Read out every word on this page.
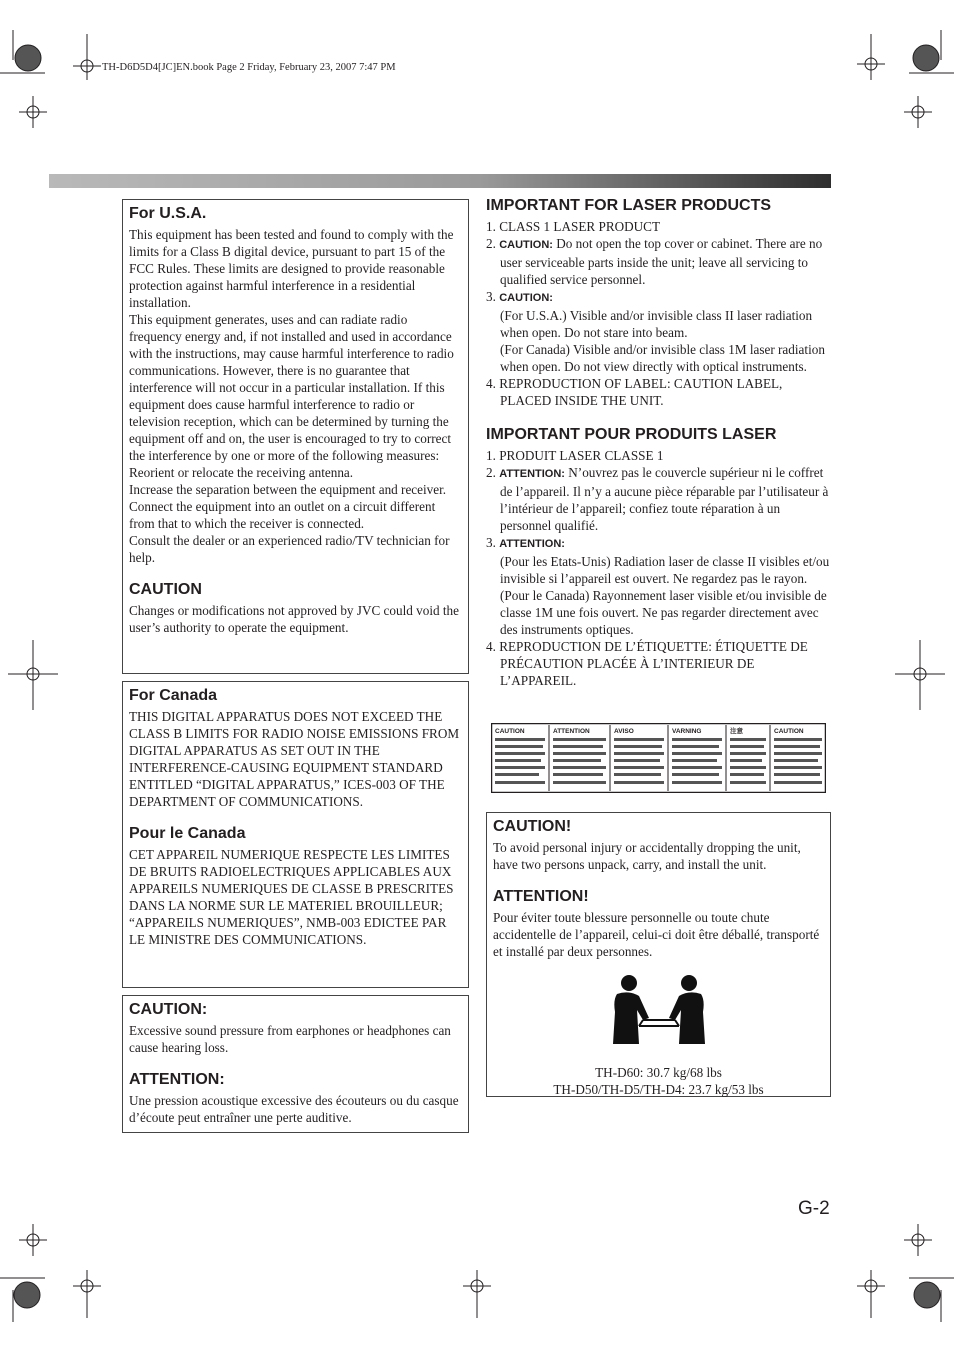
TH-D6D5D4[JC]EN.book Page 2 Friday, February 23, 2007 7:47 PM
For U.S.A.

This equipment has been tested and found to comply with the limits for a Class B digital device, pursuant to part 15 of the FCC Rules. These limits are designed to provide reasonable protection against harmful interference in a residential installation.

This equipment generates, uses and can radiate radio frequency energy and, if not installed and used in accordance with the instructions, may cause harmful interference to radio communications. However, there is no guarantee that interference will not occur in a particular installation. If this equipment does cause harmful interference to radio or television reception, which can be determined by turning the equipment off and on, the user is encouraged to try to correct the interference by one or more of the following measures:

Reorient or relocate the receiving antenna.

Increase the separation between the equipment and receiver.

Connect the equipment into an outlet on a circuit different from that to which the receiver is connected.

Consult the dealer or an experienced radio/TV technician for help.

CAUTION

Changes or modifications not approved by JVC could void the user’s authority to operate the equipment.

For Canada

THIS DIGITAL APPARATUS DOES NOT EXCEED THE CLASS B LIMITS FOR RADIO NOISE EMISSIONS FROM DIGITAL APPARATUS AS SET OUT IN THE INTERFERENCE-CAUSING EQUIPMENT STANDARD ENTITLED “DIGITAL APPARATUS,” ICES-003 OF THE DEPARTMENT OF COMMUNICATIONS.

Pour le Canada

CET APPAREIL NUMERIQUE RESPECTE LES LIMITES DE BRUITS RADIOELECTRIQUES APPLICABLES AUX APPAREILS NUMERIQUES DE CLASSE B PRESCRITES DANS LA NORME SUR LE MATERIEL BROUILLEUR; “APPAREILS NUMERIQUES”, NMB-003 EDICTEE PAR LE MINISTRE DES COMMUNICATIONS.

CAUTION:

Excessive sound pressure from earphones or headphones can cause hearing loss.

ATTENTION:

Une pression acoustique excessive des écouteurs ou du casque d’écoute peut entraîner une perte auditive.

IMPORTANT FOR LASER PRODUCTS
1. CLASS 1 LASER PRODUCT
2. CAUTION: Do not open the top cover or cabinet. There are no user serviceable parts inside the unit; leave all servicing to qualified service personnel.
3. CAUTION:
(For U.S.A.) Visible and/or invisible class II laser radiation when open. Do not stare into beam.
(For Canada) Visible and/or invisible class 1M laser radiation when open. Do not view directly with optical instruments.
4. REPRODUCTION OF LABEL: CAUTION LABEL, PLACED INSIDE THE UNIT.
IMPORTANT POUR PRODUITS LASER
1. PRODUIT LASER CLASSE 1
2. ATTENTION: N’ouvrez pas le couvercle supérieur ni le coffret de l’appareil. Il n’y a aucune pièce réparable par l’utilisateur à l’intérieur de l’appareil; confiez toute réparation à un personnel qualifié.
3. ATTENTION:
(Pour les Etats-Unis) Radiation laser de classe II visibles et/ou invisible si l’appareil est ouvert. Ne regardez pas le rayon.
(Pour le Canada) Rayonnement laser visible et/ou invisible de classe 1M une fois ouvert. Ne pas regarder directement avec des instruments optiques.
4. REPRODUCTION DE L’ÉTIQUETTE: ÉTIQUETTE DE PRÉCAUTION PLACÉE À L’INTERIEUR DE L’APPAREIL.
CAUTION	ATTENTION	AVISO	VARNING	注意	CAUTION
CAUTION!

To avoid personal injury or accidentally dropping the unit, have two persons unpack, carry, and install the unit.

ATTENTION!

Pour éviter toute blessure personnelle ou toute chute accidentelle de l’appareil, celui-ci doit être déballé, transporté et installé par deux personnes.

TH-D60: 30.7 kg/68 lbs

TH-D50/TH-D5/TH-D4: 23.7 kg/53 lbs

G-2
